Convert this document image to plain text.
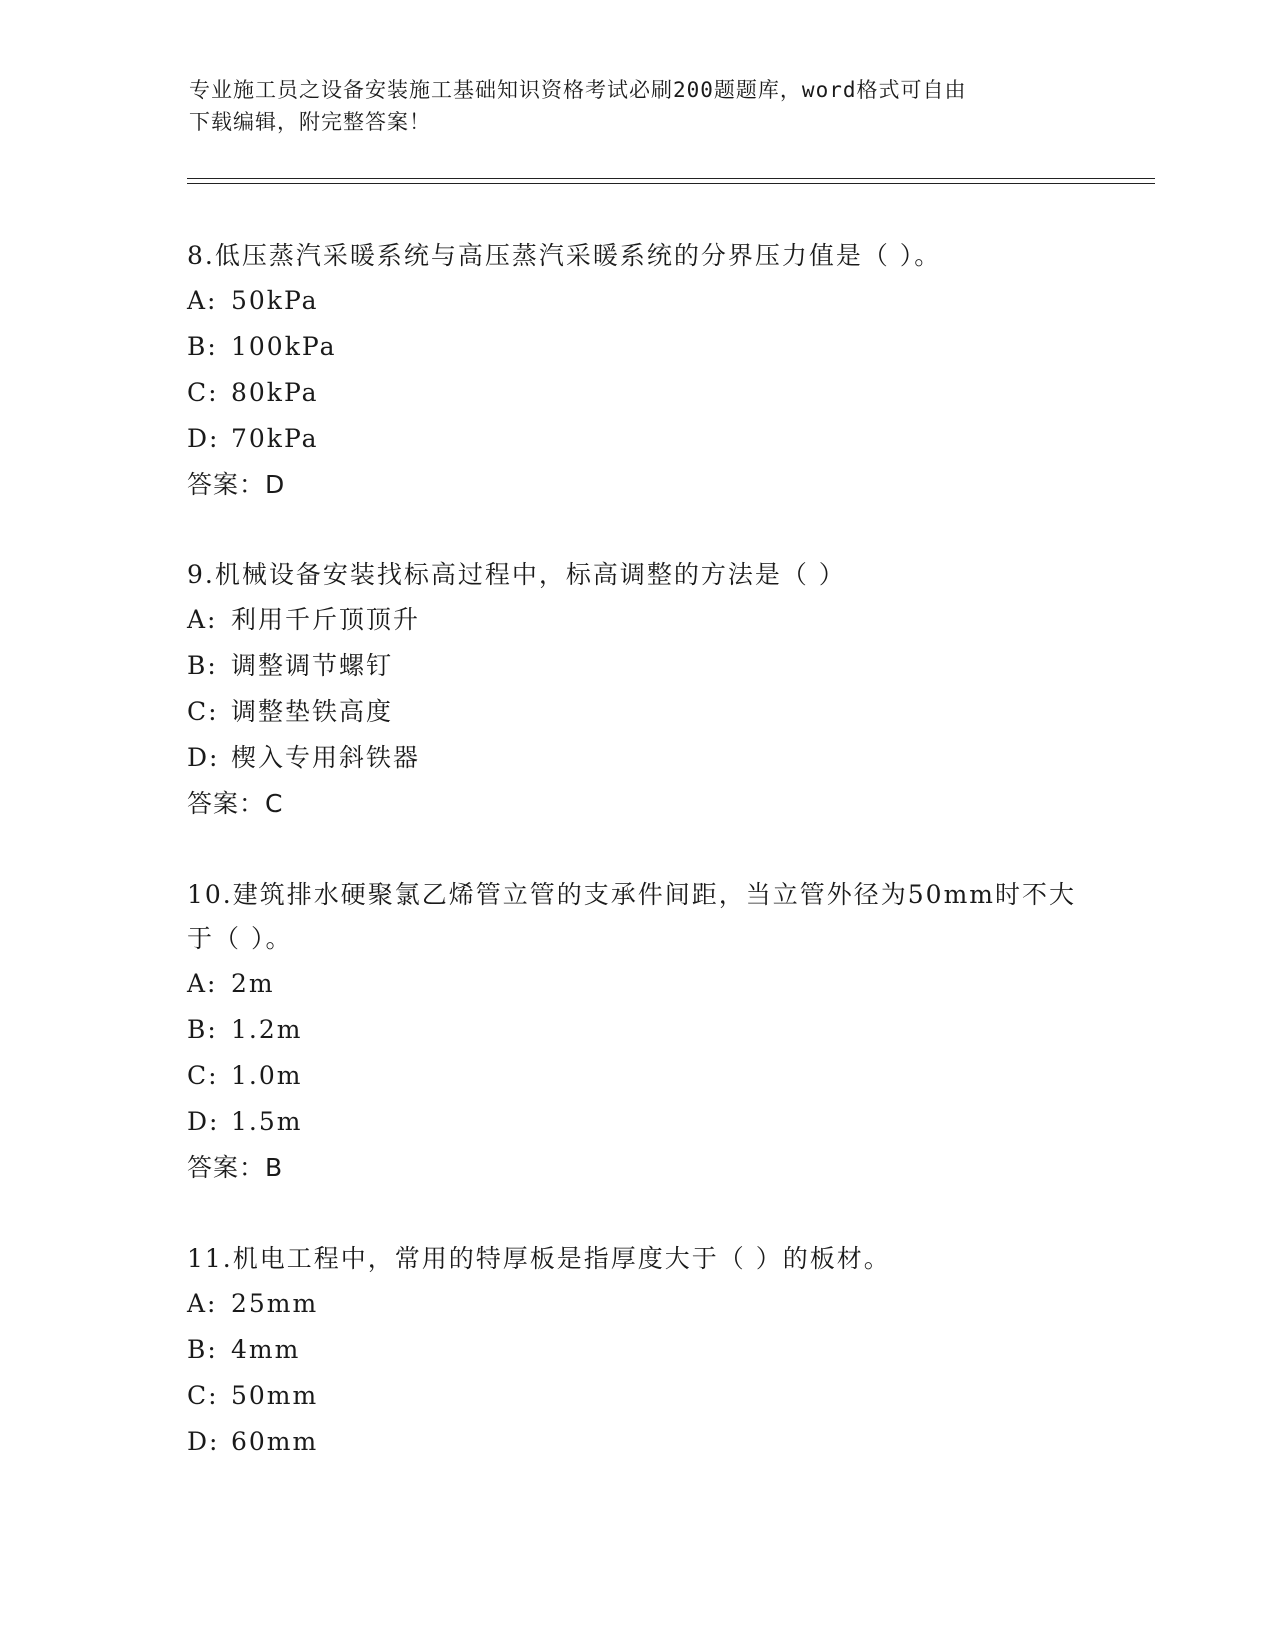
专业施工员之设备安装施工基础知识资格考试必刷200题题库，word格式可自由
下载编辑，附完整答案！

8.低压蒸汽采暖系统与高压蒸汽采暖系统的分界压力值是（ ）。

A: 50kPa

B: 100kPa

C: 80kPa

D: 70kPa

答案：D

9.机械设备安装找标高过程中，标高调整的方法是（ ）

A: 利用千斤顶顶升

B: 调整调节螺钉

C: 调整垫铁高度

D: 楔入专用斜铁器

答案：C

10.建筑排水硬聚氯乙烯管立管的支承件间距，当立管外径为50mm时不大于（ ）。

A: 2m

B: 1.2m

C: 1.0m

D: 1.5m

答案：B

11.机电工程中，常用的特厚板是指厚度大于（ ）的板材。

A: 25mm

B: 4mm

C: 50mm

D: 60mm
